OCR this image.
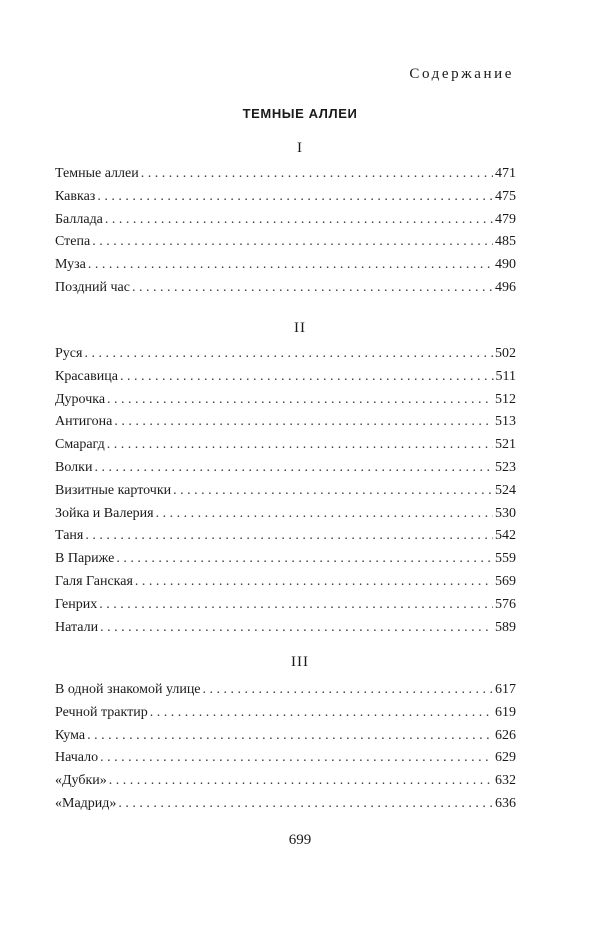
Содержание
ТЕМНЫЕ АЛЛЕИ
I
Темные аллеи . . .	471
Кавказ . . .	475
Баллада . . .	479
Степа . . .	485
Муза . . .	490
Поздний час . . .	496
II
Руся . . .	502
Красавица . . .	511
Дурочка . . .	512
Антигона . . .	513
Смарагд . . .	521
Волки . . .	523
Визитные карточки . . .	524
Зойка и Валерия . . .	530
Таня . . .	542
В Париже . . .	559
Галя Ганская . . .	569
Генрих . . .	576
Натали . . .	589
III
В одной знакомой улице . . .	617
Речной трактир . . .	619
Кума . . .	626
Начало . . .	629
«Дубки» . . .	632
«Мадрид» . . .	636
699
